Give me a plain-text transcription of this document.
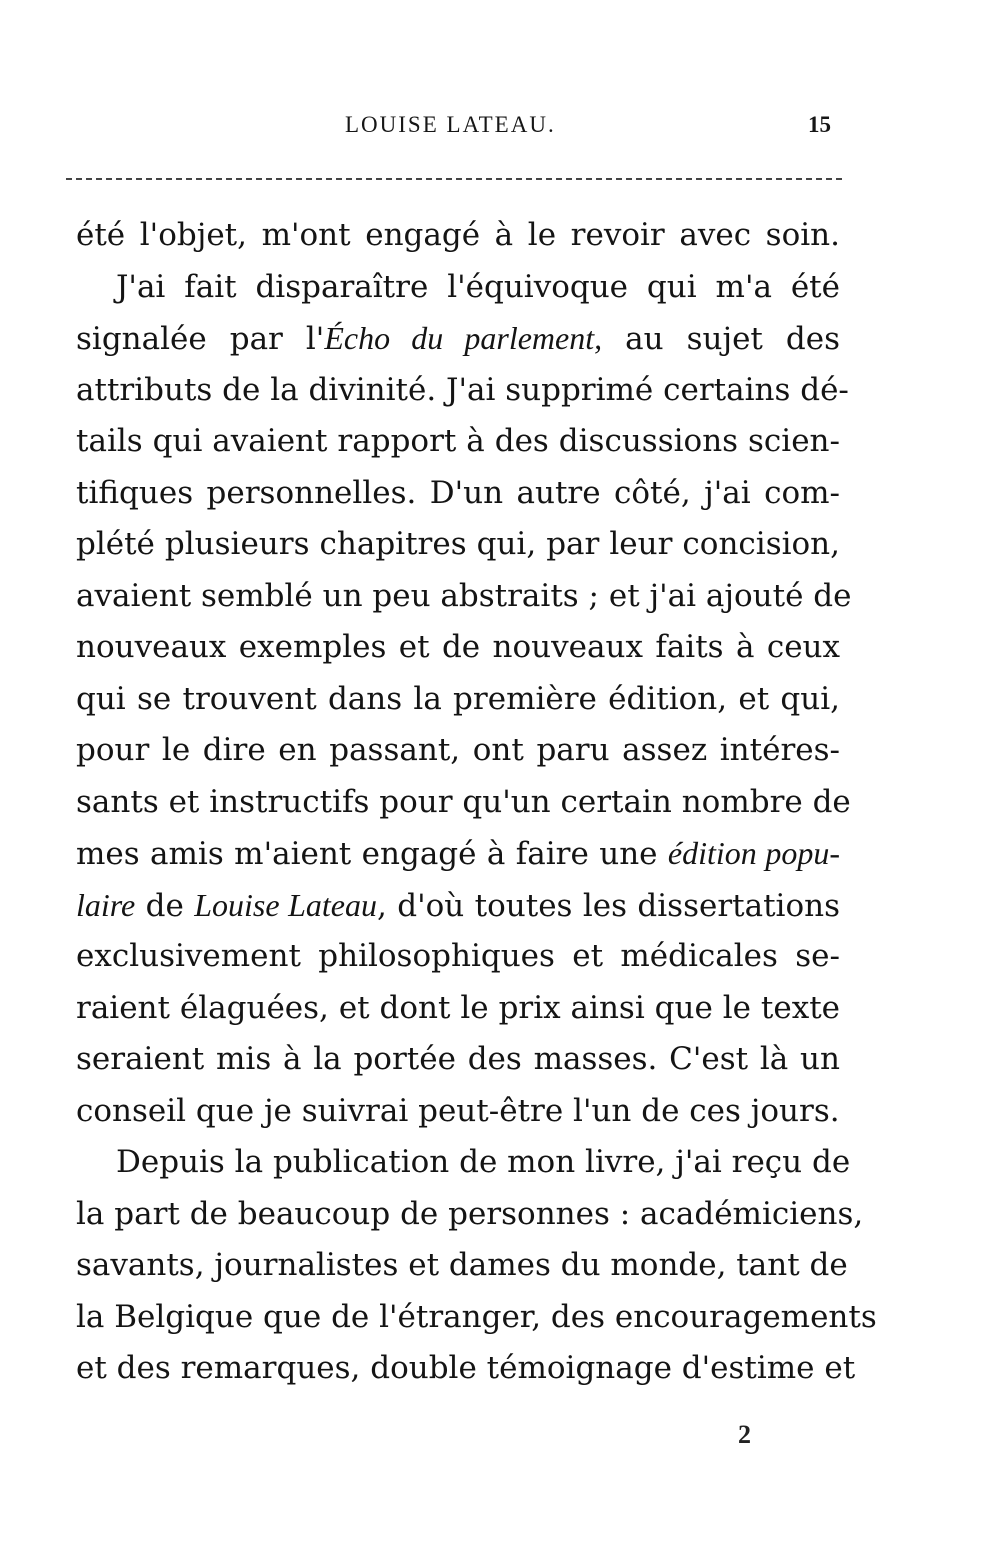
LOUISE LATEAU.	15
été l'objet, m'ont engagé à le revoir avec soin.
J'ai fait disparaître l'équivoque qui m'a été
signalée par l'Écho du parlement, au sujet des
attributs de la divinité. J'ai supprimé certains dé-
tails qui avaient rapport à des discussions scien-
tifiques personnelles. D'un autre côté, j'ai com-
plété plusieurs chapitres qui, par leur concision,
avaient semblé un peu abstraits ; et j'ai ajouté de
nouveaux exemples et de nouveaux faits à ceux
qui se trouvent dans la première édition, et qui,
pour le dire en passant, ont paru assez intéres-
sants et instructifs pour qu'un certain nombre de
mes amis m'aient engagé à faire une édition popu-
laire de Louise Lateau, d'où toutes les dissertations
exclusivement philosophiques et médicales se-
raient élaguées, et dont le prix ainsi que le texte
seraient mis à la portée des masses. C'est là un
conseil que je suivrai peut-être l'un de ces jours.
Depuis la publication de mon livre, j'ai reçu de
la part de beaucoup de personnes : académiciens,
savants, journalistes et dames du monde, tant de
la Belgique que de l'étranger, des encouragements
et des remarques, double témoignage d'estime et
2
